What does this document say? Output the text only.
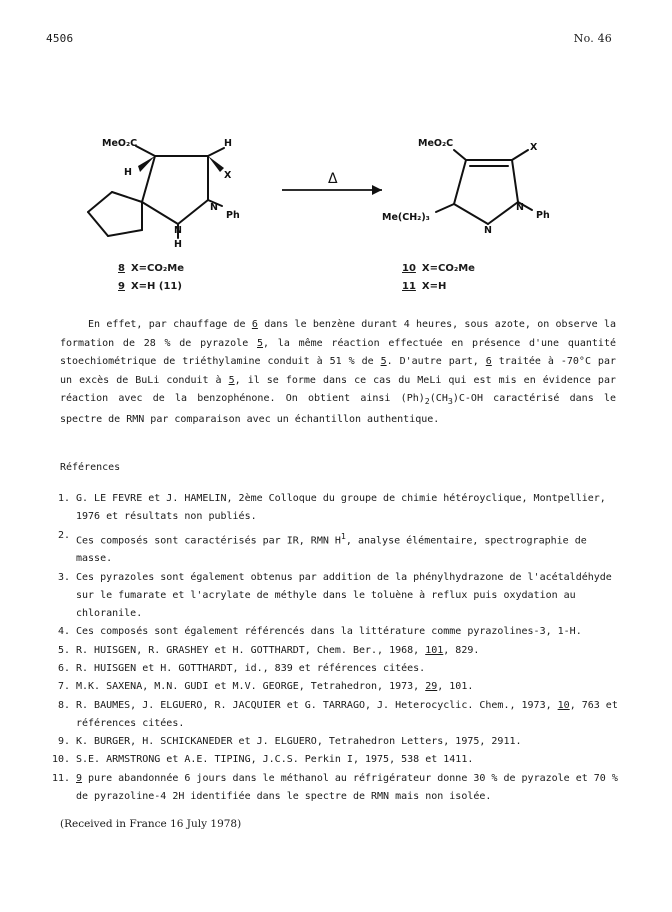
4506	No. 46
MeO₂C	H
H	X
N
Ph
N
H
Δ
MeO₂C	X
N
Ph
N
Me(CH₂)₃
8 X=CO₂Me
9 X=H (11)
10 X=CO₂Me
11 X=H
En effet, par chauffage de 6 dans le benzène durant 4 heures, sous azote, on observe la formation de 28 % de pyrazole 5, la même réaction effectuée en présence d'une quantité stoechiométrique de triéthylamine conduit à 51 % de 5. D'autre part, 6 traitée à -70°C par un excès de BuLi conduit à 5, il se forme dans ce cas du MeLi qui est mis en évidence par réaction avec de la benzophénone. On obtient ainsi $(Ph)_2(CH_3)C-OH$ caractérisé dans le spectre de RMN par comparaison avec un échantillon authentique.
Références
1. G. LE FEVRE et J. HAMELIN, 2ème Colloque du groupe de chimie hétéroyclique, Montpellier, 1976 et résultats non publiés.
2. Ces composés sont caractérisés par IR, RMN $H^1$, analyse élémentaire, spectrographie de masse.
3. Ces pyrazoles sont également obtenus par addition de la phénylhydrazone de l'acétaldéhyde sur le fumarate et l'acrylate de méthyle dans le toluène à reflux puis oxydation au chloranile.
4. Ces composés sont également référencés dans la littérature comme pyrazolines-3, 1-H.
5. R. HUISGEN, R. GRASHEY et H. GOTTHARDT, Chem. Ber., 1968, 101, 829.
6. R. HUISGEN et H. GOTTHARDT, id., 839 et références citées.
7. M.K. SAXENA, M.N. GUDI et M.V. GEORGE, Tetrahedron, 1973, 29, 101.
8. R. BAUMES, J. ELGUERO, R. JACQUIER et G. TARRAGO, J. Heterocyclic. Chem., 1973, 10, 763 et références citées.
9. K. BURGER, H. SCHICKANEDER et J. ELGUERO, Tetrahedron Letters, 1975, 2911.
10. S.E. ARMSTRONG et A.E. TIPING, J.C.S. Perkin I, 1975, 538 et 1411.
11. 9 pure abandonnée 6 jours dans le méthanol au réfrigérateur donne 30 % de pyrazole et 70 % de pyrazoline-4 2H identifiée dans le spectre de RMN mais non isolée.
(Received in France 16 July 1978)
